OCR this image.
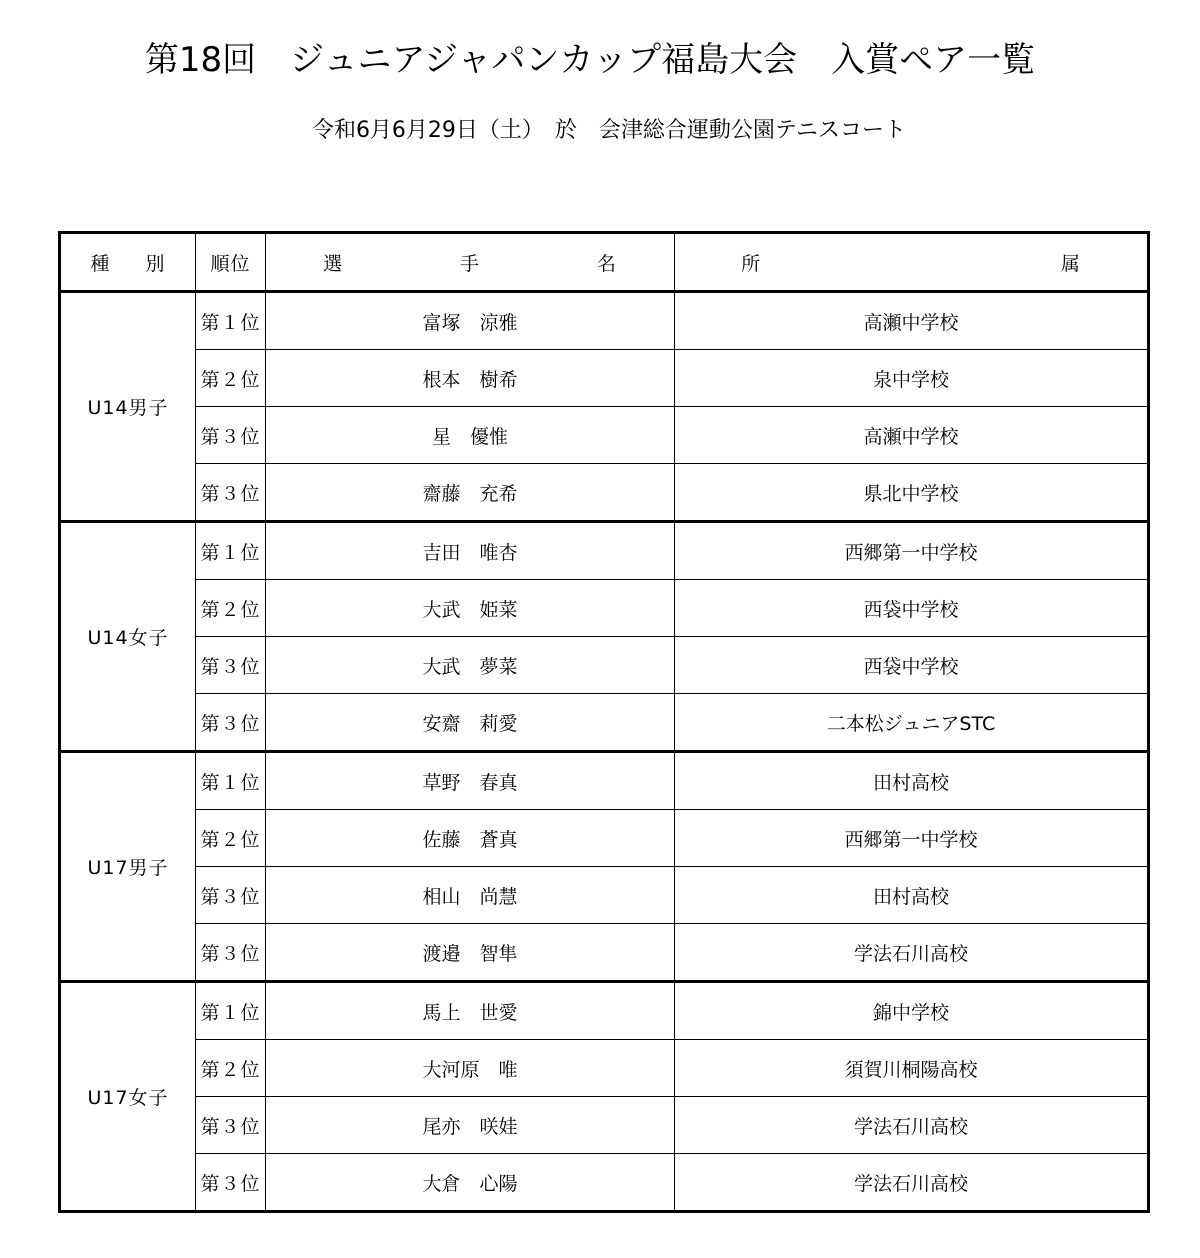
第18回　ジュニアジャパンカップ福島大会　入賞ペア一覧
令和6月6月29日（土）　於　会津総合運動公園テニスコート
種　別	順位	選　　手　　名	所　　　　属
U14男子	第１位	富塚　涼雅	高瀬中学校
	第２位	根本　樹希	泉中学校
	第３位	星　優惟	高瀬中学校
	第３位	齋藤　充希	県北中学校
U14女子	第１位	吉田　唯杏	西郷第一中学校
	第２位	大武　姫菜	西袋中学校
	第３位	大武　夢菜	西袋中学校
	第３位	安齋　莉愛	二本松ジュニアSTC
U17男子	第１位	草野　春真	田村高校
	第２位	佐藤　蒼真	西郷第一中学校
	第３位	相山　尚慧	田村高校
	第３位	渡邉　智隼	学法石川高校
U17女子	第１位	馬上　世愛	錦中学校
	第２位	大河原　唯	須賀川桐陽高校
	第３位	尾亦　咲娃	学法石川高校
	第３位	大倉　心陽	学法石川高校
